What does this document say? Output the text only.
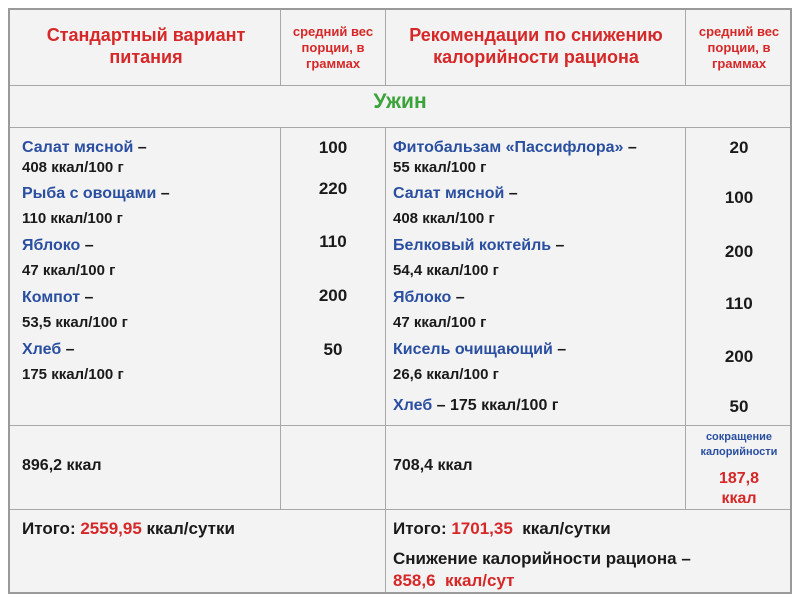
Стандартный вариант питания
средний вес порции, в граммах
Рекомендации по снижению калорийности рациона
средний вес порции, в граммах
Ужин
Салат мясной –
408 ккал/100 г
Рыба с овощами –
110 ккал/100 г
Яблоко –
47 ккал/100 г
Компот –
53,5 ккал/100 г
Хлеб –
175 ккал/100 г
100
220
110
200
50
Фитобальзам «Пассифлора» –
55 ккал/100 г
Салат мясной –
408 ккал/100 г
Белковый коктейль –
54,4 ккал/100 г
Яблоко –
47 ккал/100 г
Кисель очищающий –
26,6 ккал/100 г
Хлеб – 175 ккал/100 г
20
100
200
110
200
50
896,2 ккал	708,4 ккал
сокращение калорийности
187,8
ккал
Итого: 2559,95 ккал/сутки	Итого: 1701,35  ккал/сутки
Снижение калорийности рациона –
858,6  ккал/сут
